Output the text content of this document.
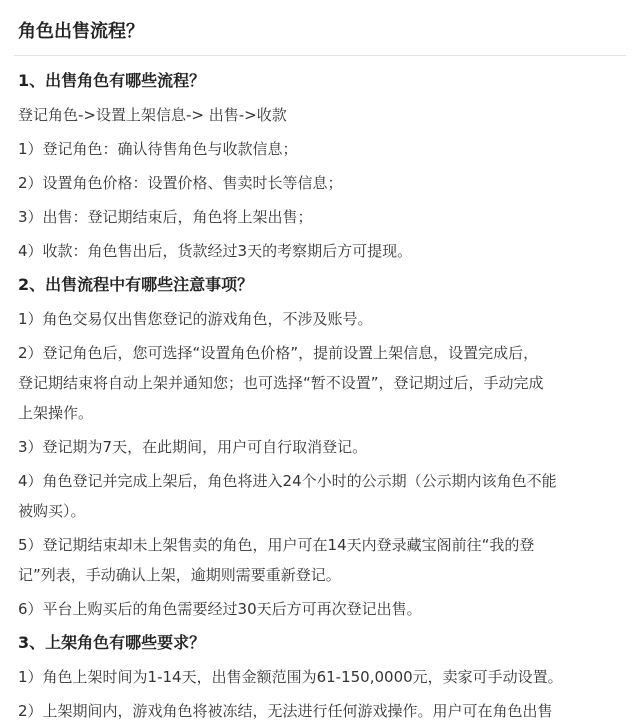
角色出售流程？
1、出售角色有哪些流程？
登记角色->设置上架信息-> 出售->收款
1）登记角色：确认待售角色与收款信息；
2）设置角色价格：设置价格、售卖时长等信息；
3）出售：登记期结束后，角色将上架出售；
4）收款：角色售出后，货款经过3天的考察期后方可提现。
2、出售流程中有哪些注意事项？
1）角色交易仅出售您登记的游戏角色，不涉及账号。
2）登记角色后，您可选择“设置角色价格”，提前设置上架信息，设置完成后，
登记期结束将自动上架并通知您；也可选择“暂不设置”，登记期过后，手动完成
上架操作。
3）登记期为7天，在此期间，用户可自行取消登记。
4）角色登记并完成上架后，角色将进入24个小时的公示期（公示期内该角色不能
被购买）。
5）登记期结束却未上架售卖的角色，用户可在14天内登录藏宝阁前往“我的登
记”列表，手动确认上架，逾期则需要重新登记。
6）平台上购买后的角色需要经过30天后方可再次登记出售。
3、上架角色有哪些要求？
1）角色上架时间为1-14天，出售金额范围为61-150,0000元，卖家可手动设置。
2）上架期间内，游戏角色将被冻结，无法进行任何游戏操作。用户可在角色出售
